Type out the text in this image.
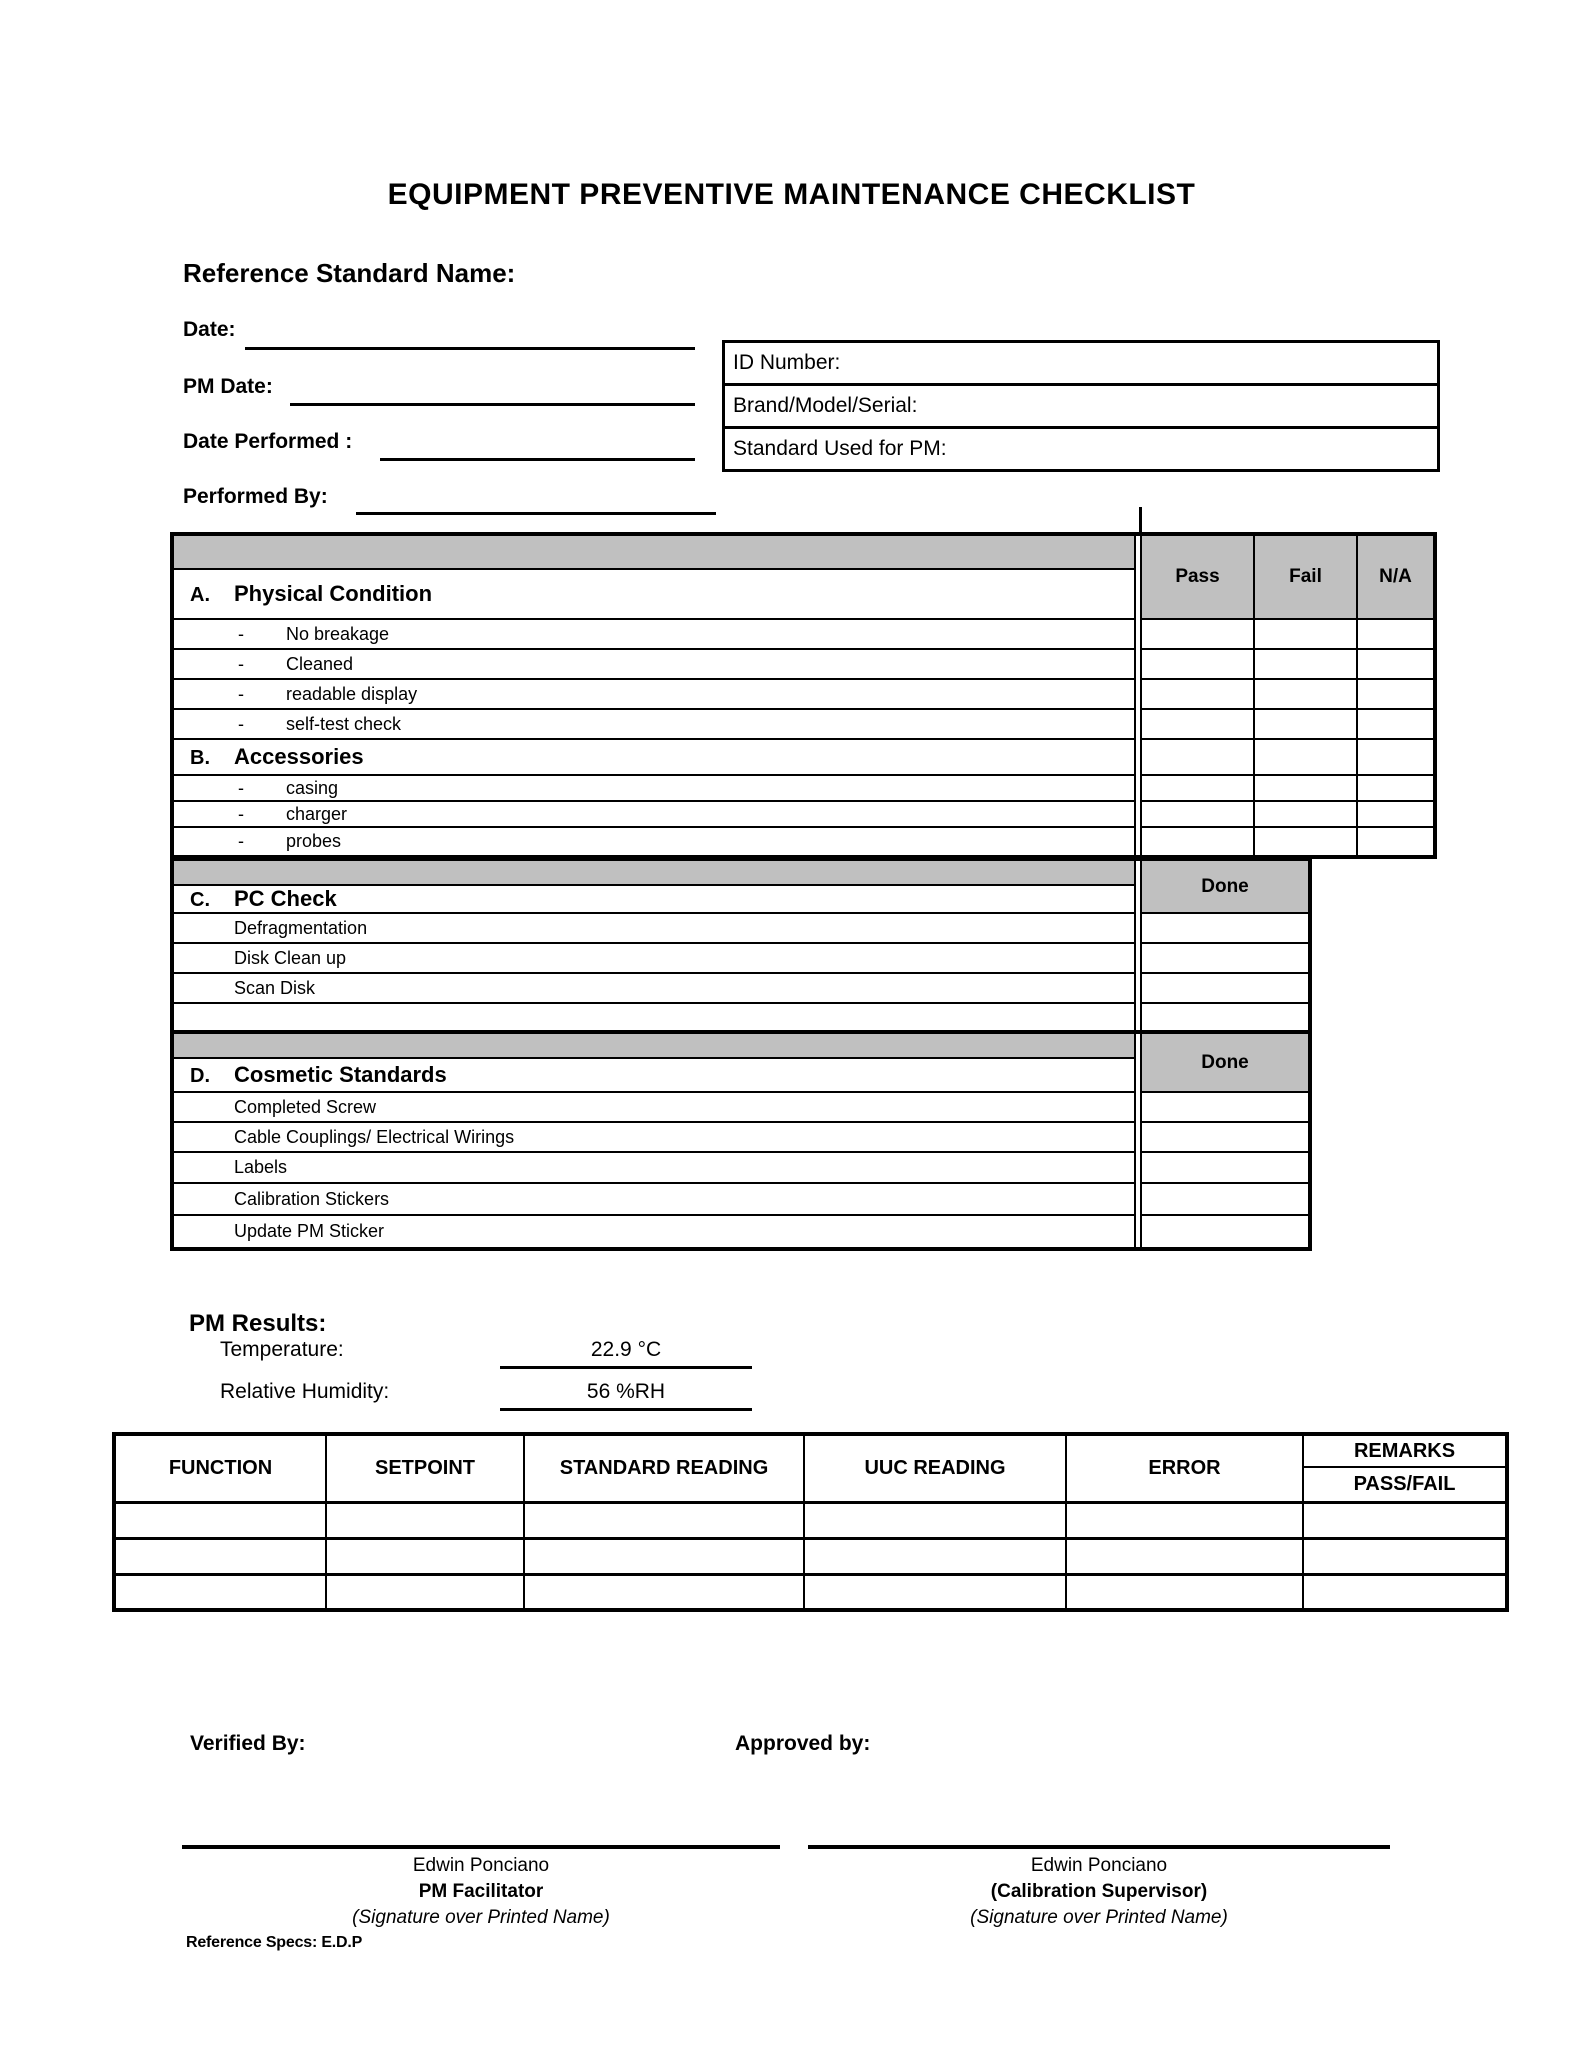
EQUIPMENT PREVENTIVE MAINTENANCE CHECKLIST
Reference Standard Name:
Date:
PM Date:
Date Performed :
Performed By:
ID Number:
Brand/Model/Serial:
Standard Used for PM:
		Pass	Fail	N/A
A. Physical Condition				
- No breakage				
- Cleaned				
- readable display				
- self-test check				
B. Accessories				
- casing				
- charger				
- probes				
		Done
C. PC Check		
Defragmentation		
Disk Clean up		
Scan Disk		

		Done
D. Cosmetic Standards		
Completed Screw		
Cable Couplings/ Electrical Wirings		
Labels		
Calibration Stickers		
Update PM Sticker		
PM Results:
Temperature:	22.9 °C
Relative Humidity:	56 %RH
FUNCTION	SETPOINT	STANDARD READING	UUC READING	ERROR	REMARKS
					PASS/FAIL

Verified By:	Approved by:
Edwin Ponciano
PM Facilitator
(Signature over Printed Name)
Edwin Ponciano
(Calibration Supervisor)
(Signature over Printed Name)
Reference Specs: E.D.P
